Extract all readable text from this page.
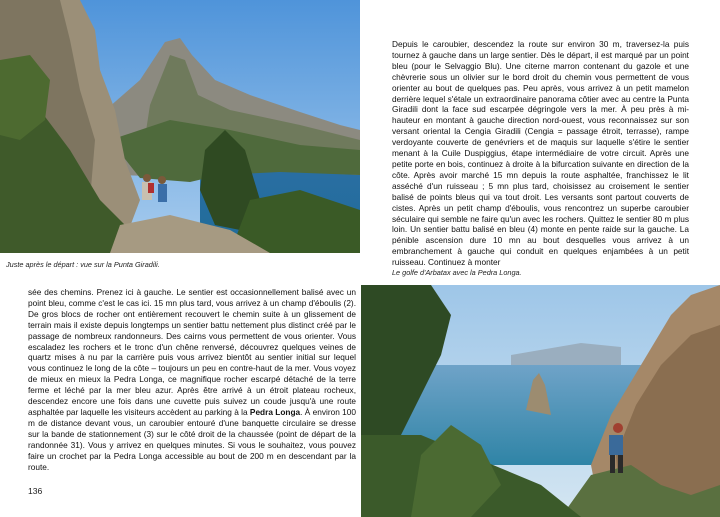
Juste après le départ : vue sur la Punta Giradili.
Depuis le caroubier, descendez la route sur environ 30 m, traversez-la puis tournez à gauche dans un large sentier. Dès le départ, il est marqué par un point bleu (pour le Selvaggio Blu). Une citerne marron contenant du gazole et une chèvrerie sous un olivier sur le bord droit du chemin vous permettent de vous orienter au bout de quelques pas. Peu après, vous arrivez à un petit mamelon derrière lequel s'étale un extraordinaire panorama côtier avec au centre la Punta Giradili dont la face sud escarpée dégringole vers la mer. À peu près à mi-hauteur en montant à gauche direction nord-ouest, vous reconnaissez sur son versant oriental la Cengia Giradili (Cengia = passage étroit, terrasse), rampe verdoyante couverte de genévriers et de maquis sur laquelle s'étire le sentier menant à la Cuile Duspiggius, étape intermédiaire de votre circuit. Après une petite porte en bois, continuez à droite à la bifurcation suivante en direction de la côte. Après avoir marché 15 mn depuis la route asphaltée, franchissez le lit asséché d'un ruisseau ; 5 mn plus tard, choisissez au croisement le sentier balisé de points bleus qui va tout droit. Les versants sont partout couverts de cistes. Après un petit champ d'éboulis, vous rencontrez un superbe caroubier séculaire qui semble ne faire qu'un avec les rochers. Quittez le sentier 80 m plus loin. Un sentier battu balisé en bleu (4) monte en pente raide sur la gauche. La pénible ascension dure 10 mn au bout desquelles vous arrivez à un embranchement à gauche qui conduit en quelques enjambées à un petit ruisseau. Continuez à monter
Le golfe d'Arbatax avec la Pedra Longa.
sée des chemins. Prenez ici à gauche. Le sentier est occasionnellement balisé avec un point bleu, comme c'est le cas ici. 15 mn plus tard, vous arrivez à un champ d'éboulis (2). De gros blocs de rocher ont entièrement recouvert le chemin suite à un glissement de terrain mais il existe depuis longtemps un sentier battu nettement plus distinct créé par le passage de nombreux randonneurs. Des cairns vous permettent de vous orienter. Vous escaladez les rochers et le tronc d'un chêne renversé, découvrez quelques veines de quartz mises à nu par la carrière puis vous arrivez bientôt au sentier initial sur lequel vous continuez le long de la côte – toujours un peu en contre-haut de la mer. Vous voyez de mieux en mieux la Pedra Longa, ce magnifique rocher escarpé détaché de la terre ferme et léché par la mer bleu azur. Après être arrivé à un étroit plateau rocheux, descendez encore une fois dans une cuvette puis suivez un coude jusqu'à une route asphaltée par laquelle les visiteurs accèdent au parking à la Pedra Longa. À environ 100 m de distance devant vous, un caroubier entouré d'une banquette circulaire se dresse sur la bande de stationnement (3) sur le côté droit de la chaussée (point de départ de la randonnée 31). Vous y arrivez en quelques minutes. Si vous le souhaitez, vous pouvez faire un crochet par la Pedra Longa accessible au bout de 200 m en descendant par la route.
136
